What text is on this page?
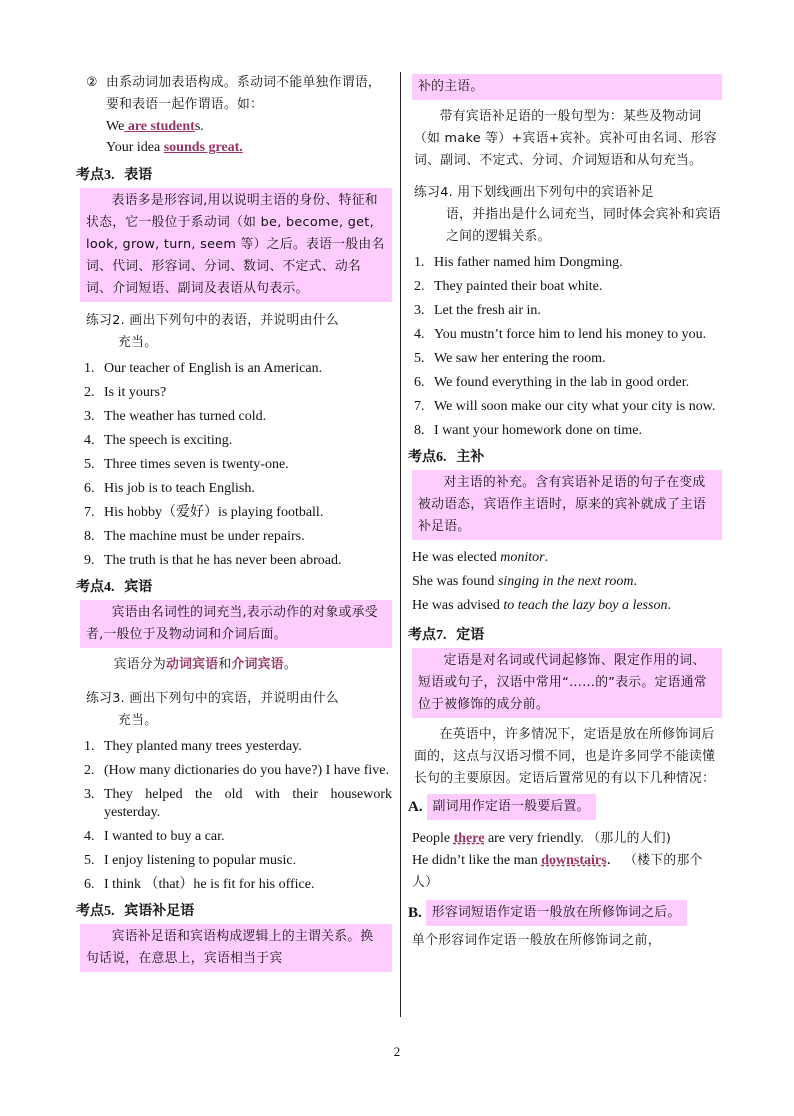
② 由系动词加表语构成。系动词不能单独作谓语，要和表语一起作谓语。如：
We are students.
Your idea sounds great.
考点3. 表语
表语多是形容词,用以说明主语的身份、特征和状态，它一般位于系动词（如 be, become, get, look, grow, turn, seem 等）之后。表语一般由名词、代词、形容词、分词、数词、不定式、动名词、介词短语、副词及表语从句表示。
练习2. 画出下列句中的表语，并说明由什么
充当。
1. Our teacher of English is an American.
2. Is it yours?
3. The weather has turned cold.
4. The speech is exciting.
5. Three times seven is twenty-one.
6. His job is to teach English.
7. His hobby（爱好）is playing football.
8. The machine must be under repairs.
9. The truth is that he has never been abroad.
考点4. 宾语
宾语由名词性的词充当,表示动作的对象或承受者,一般位于及物动词和介词后面。
宾语分为动词宾语和介词宾语。
练习3. 画出下列句中的宾语，并说明由什么
充当。
1. They planted many trees yesterday.
2. (How many dictionaries do you have?) I have five.
3. They helped the old with their housework yesterday.
4. I wanted to buy a car.
5. I enjoy listening to popular music.
6. I think （that）he is fit for his office.
考点5. 宾语补足语
宾语补足语和宾语构成逻辑上的主谓关系。换句话说，在意思上，宾语相当于宾
补的主语。
带有宾语补足语的一般句型为：某些及物动词（如 make 等）+宾语+宾补。宾补可由名词、形容词、副词、不定式、分词、介词短语和从句充当。
练习4. 用下划线画出下列句中的宾语补足
语，并指出是什么词充当，同时体会宾补和宾语之间的逻辑关系。
1. His father named him Dongming.
2. They painted their boat white.
3. Let the fresh air in.
4. You mustn’t force him to lend his money to you.
5. We saw her entering the room.
6. We found everything in the lab in good order.
7. We will soon make our city what your city is now.
8. I want your homework done on time.
考点6. 主补
对主语的补充。含有宾语补足语的句子在变成被动语态，宾语作主语时，原来的宾补就成了主语补足语。
He was elected monitor.
She was found singing in the next room.
He was advised to teach the lazy boy a lesson.
考点7. 定语
定语是对名词或代词起修饰、限定作用的词、短语或句子，汉语中常用“……的”表示。定语通常位于被修饰的成分前。
在英语中，许多情况下，定语是放在所修饰词后面的，这点与汉语习惯不同，也是许多同学不能读懂长句的主要原因。定语后置常见的有以下几种情况：
A. 副词用作定语一般要后置。
People there are very friendly. （那儿的人们)
He didn’t like the man downstairs． （楼下的那个人）
B. 形容词短语作定语一般放在所修饰词之后。
单个形容词作定语一般放在所修饰词之前，
2
